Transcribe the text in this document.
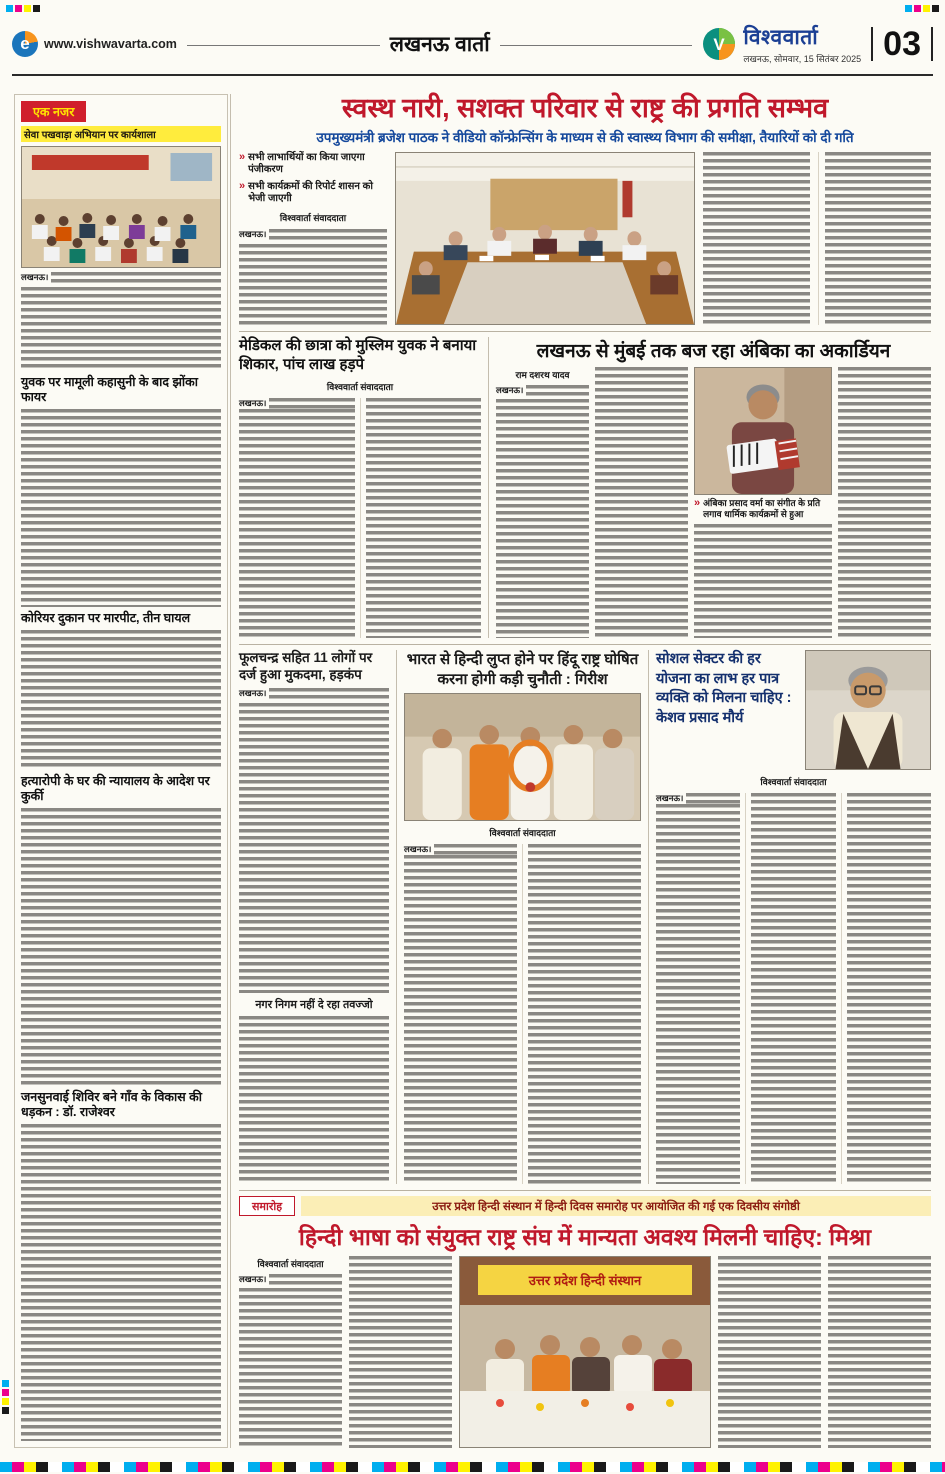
e	www.vishwavarta.com	लखनऊ वार्ता	V विश्ववार्ता
लखनऊ, सोमवार, 15 सितंबर 2025 03
एक नजर
सेवा पखवाड़ा अभियान पर कार्यशाला
लखनऊ।
युवक पर मामूली कहासुनी के बाद झोंका फायर
कोरियर दुकान पर मारपीट, तीन घायल
हत्यारोपी के घर की न्यायालय के आदेश पर कुर्की
जनसुनवाई शिविर बने गाँव के विकास की धड़कन : डॉ. राजेश्वर
स्वस्थ नारी, सशक्त परिवार से राष्ट्र की प्रगति सम्भव
उपमुख्यमंत्री ब्रजेश पाठक ने वीडियो कॉन्फ्रेन्सिंग के माध्यम से की स्वास्थ्य विभाग की समीक्षा, तैयारियों को दी गति
» सभी लाभार्थियों का किया जाएगा पंजीकरण
» सभी कार्यक्रमों की रिपोर्ट शासन को भेजी जाएगी
विश्ववार्ता संवाददाता
लखनऊ।
मेडिकल की छात्रा को मुस्लिम युवक ने बनाया शिकार, पांच लाख हड़पे
विश्ववार्ता संवाददाता
लखनऊ।
लखनऊ से मुंबई तक बज रहा अंबिका का अकार्डियन
राम दशरथ यादव
लखनऊ।
» अंबिका प्रसाद वर्मा का संगीत के प्रति लगाव धार्मिक कार्यक्रमों से हुआ
फूलचन्द्र सहित 11 लोगों पर दर्ज हुआ मुकदमा, हड़कंप
लखनऊ।
नगर निगम नहीं दे रहा तवज्जो
भारत से हिन्दी लुप्त होने पर हिंदू राष्ट्र घोषित करना होगी कड़ी चुनौती : गिरीश
विश्ववार्ता संवाददाता
लखनऊ।
सोशल सेक्टर की हर योजना का लाभ हर पात्र व्यक्ति को मिलना चाहिए : केशव प्रसाद मौर्य
विश्ववार्ता संवाददाता
लखनऊ।
समारोह	उत्तर प्रदेश हिन्दी संस्थान में हिन्दी दिवस समारोह पर आयोजित की गई एक दिवसीय संगोष्ठी
हिन्दी भाषा को संयुक्त राष्ट्र संघ में मान्यता अवश्य मिलनी चाहिए: मिश्रा
विश्ववार्ता संवाददाता
लखनऊ।	उत्तर प्रदेश हिन्दी संस्थान
